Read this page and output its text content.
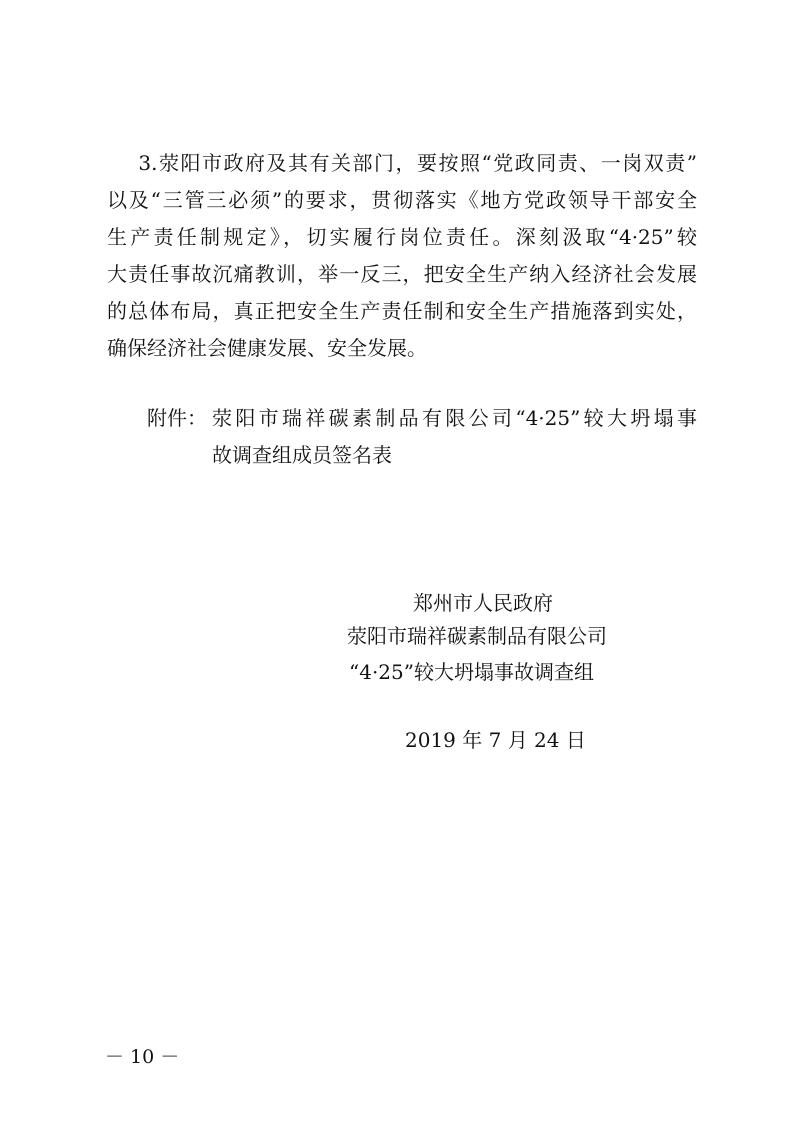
3.荥阳市政府及其有关部门，要按照“党政同责、一岗双责”
以及“三管三必须”的要求，贯彻落实《地方党政领导干部安全
生产责任制规定》，切实履行岗位责任。深刻汲取“4·25”较
大责任事故沉痛教训，举一反三，把安全生产纳入经济社会发展
的总体布局，真正把安全生产责任制和安全生产措施落到实处，
确保经济社会健康发展、安全发展。
附件： 荥阳市瑞祥碳素制品有限公司“4·25”较大坍塌事
故调查组成员签名表
郑州市人民政府
荥阳市瑞祥碳素制品有限公司
“4·25”较大坍塌事故调查组
2019 年 7 月 24 日
－ 10 －
